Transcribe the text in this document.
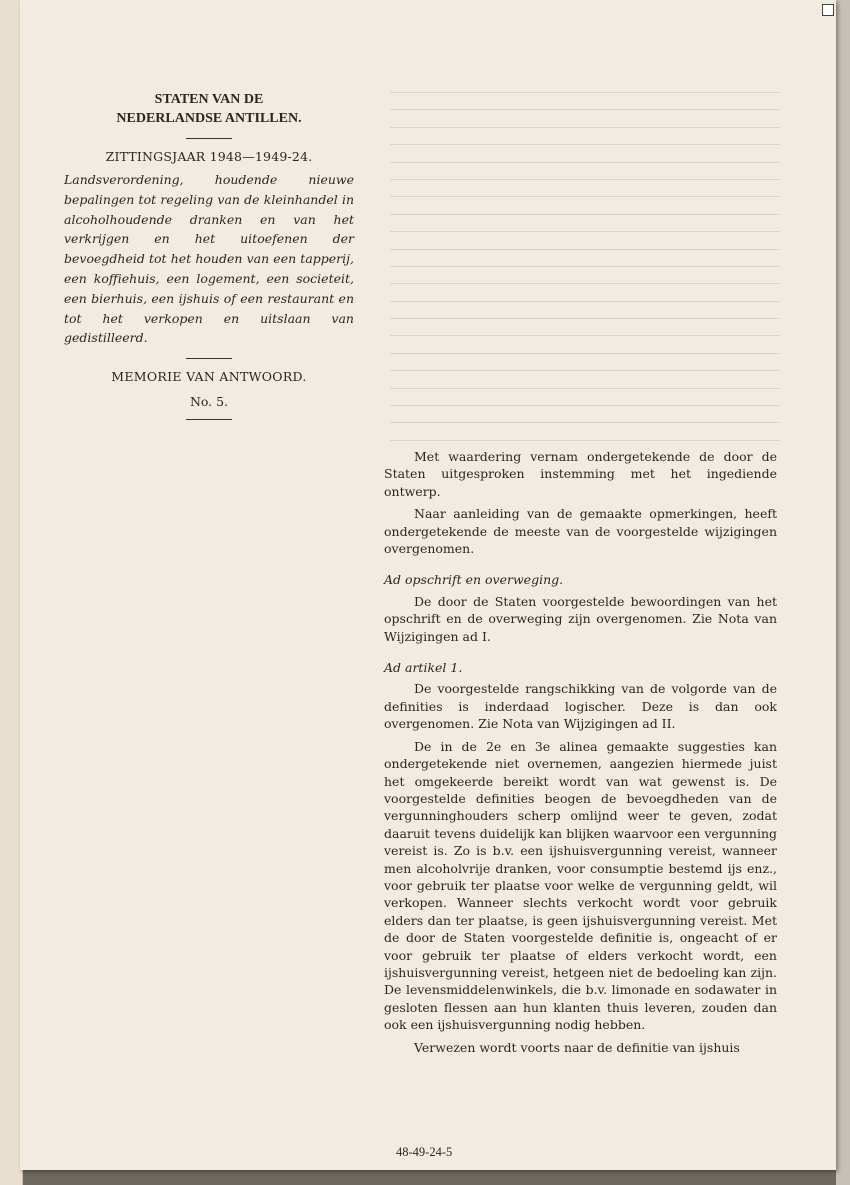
STATEN VAN DE

NEDERLANDSE ANTILLEN.

ZITTINGSJAAR 1948—1949-24.

Landsverordening, houdende nieuwe bepalingen tot regeling van de kleinhandel in alcoholhoudende dranken en van het verkrijgen en het uitoefenen der bevoegdheid tot het houden van een tapperij, een koffiehuis, een logement, een societeit, een bierhuis, een ijshuis of een restaurant en tot het verkopen en uitslaan van gedistilleerd.

MEMORIE VAN ANTWOORD.

No. 5.

Met waardering vernam ondergetekende de door de Staten uitgesproken instemming met het ingediende ontwerp.

Naar aanleiding van de gemaakte opmerkingen, heeft ondergetekende de meeste van de voorgestelde wijzigingen overgenomen.

Ad opschrift en overweging.

De door de Staten voorgestelde bewoordingen van het opschrift en de overweging zijn overgenomen. Zie Nota van Wijzigingen ad I.

Ad artikel 1.

De voorgestelde rangschikking van de volgorde van de definities is inderdaad logischer. Deze is dan ook overgenomen. Zie Nota van Wijzigingen ad II.

De in de 2e en 3e alinea gemaakte suggesties kan ondergetekende niet overnemen, aangezien hiermede juist het omgekeerde bereikt wordt van wat gewenst is. De voorgestelde definities beogen de bevoegdheden van de vergunninghouders scherp omlijnd weer te geven, zodat daaruit tevens duidelijk kan blijken waarvoor een vergunning vereist is. Zo is b.v. een ijshuisvergunning vereist, wanneer men alcoholvrije dranken, voor consumptie bestemd ijs enz., voor gebruik ter plaatse voor welke de vergunning geldt, wil verkopen. Wanneer slechts verkocht wordt voor gebruik elders dan ter plaatse, is geen ijshuisvergunning vereist. Met de door de Staten voorgestelde definitie is, ongeacht of er voor gebruik ter plaatse of elders verkocht wordt, een ijshuisvergunning vereist, hetgeen niet de bedoeling kan zijn. De levensmiddelenwinkels, die b.v. limonade en sodawater in gesloten flessen aan hun klanten thuis leveren, zouden dan ook een ijshuisvergunning nodig hebben.

Verwezen wordt voorts naar de definitie van ijshuis

48-49-24-5
